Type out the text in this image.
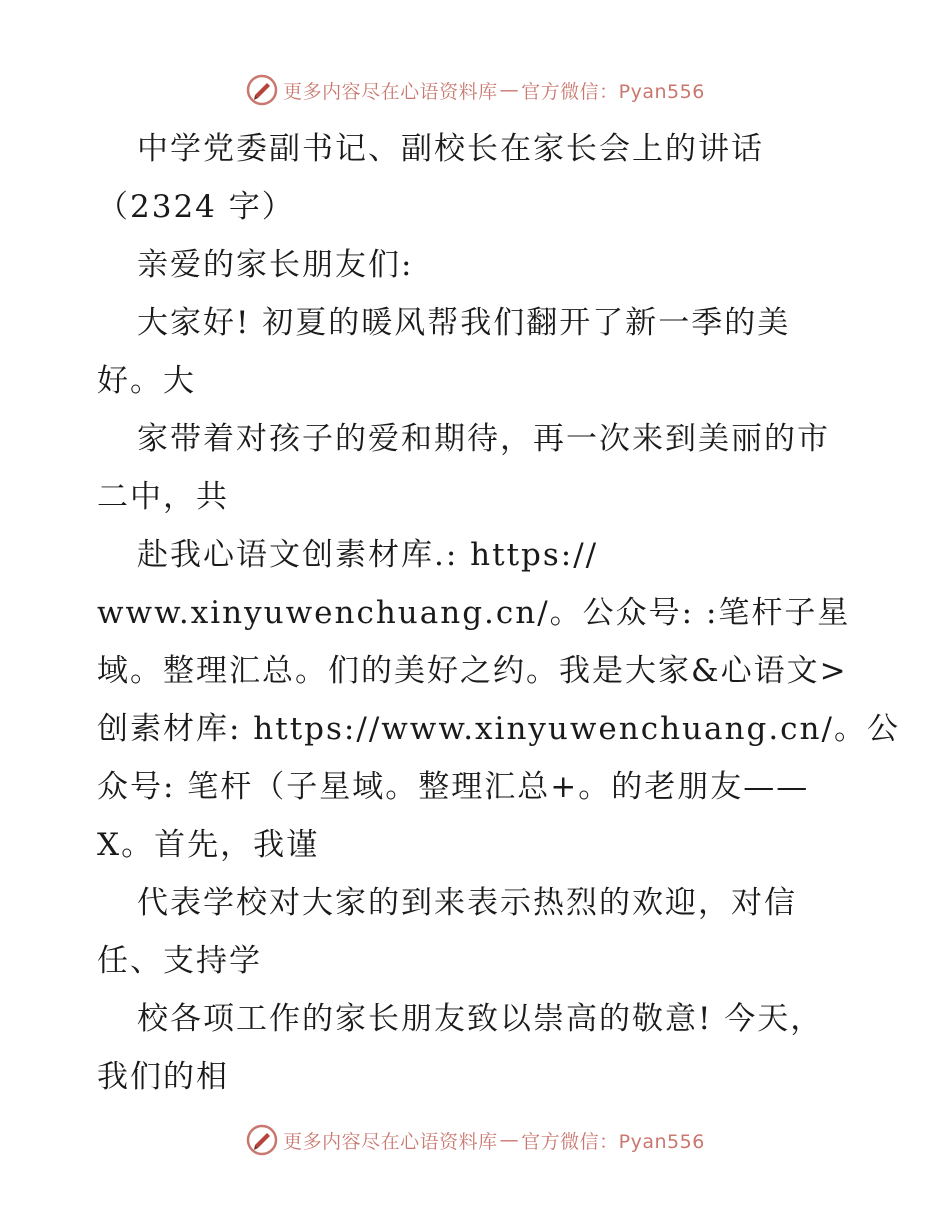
更多内容尽在心语资料库 — 官方微信：Pyan556
中学党委副书记、副校长在家长会上的讲话
（2324 字）
亲爱的家长朋友们:
大家好! 初夏的暖风帮我们翻开了新一季的美
好。大
家带着对孩子的爱和期待，再一次来到美丽的市
二中，共
赴我心语文创素材库.: https://
www.xinyuwenchuang.cn/。公众号: :笔杆子星
域。整理汇总。们的美好之约。我是大家&心语文>
创素材库: https://www.xinyuwenchuang.cn/。公
众号: 笔杆（子星域。整理汇总+。的老朋友——
X。首先，我谨
代表学校对大家的到来表示热烈的欢迎，对信
任、支持学
校各项工作的家长朋友致以崇高的敬意! 今天，
我们的相
更多内容尽在心语资料库 — 官方微信：Pyan556
